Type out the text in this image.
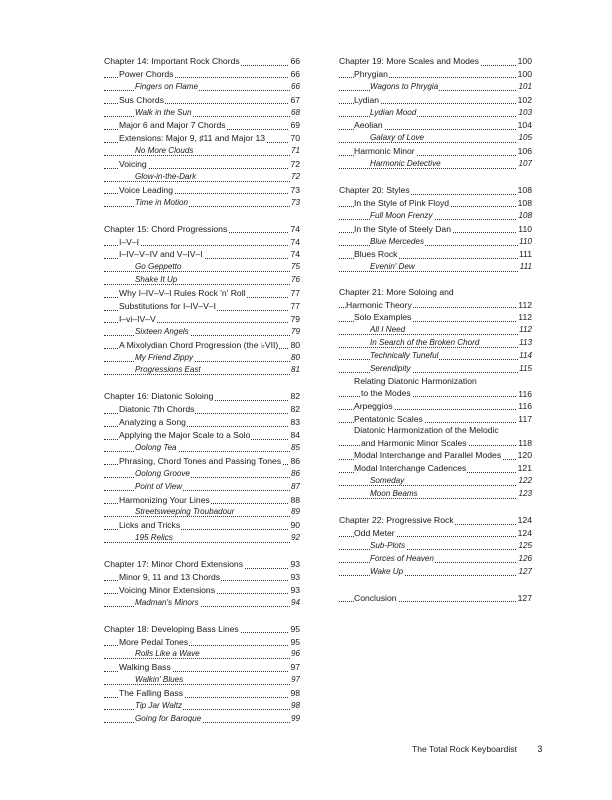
Chapter 14: Important Rock Chords	66
Power Chords	66
Fingers on Flame	66
Sus Chords	67
Walk in the Sun	68
Major 6 and Major 7 Chords	69
Extensions: Major 9, ♯11 and Major 13	70
No More Clouds	71
Voicing	72
Glow-in-the-Dark	72
Voice Leading	73
Time in Motion	73
Chapter 15: Chord Progressions	74
I–V–I	74
I–IV–V–IV and V–IV–I	74
Go Geppetto	75
Shake It Up	76
Why I–IV–V–I Rules Rock 'n' Roll	77
Substitutions for I–IV–V–I	77
I–vi–IV–V	79
Sixteen Angels	79
A Mixolydian Chord Progression (the ♭VII) 80
My Friend Zippy	80
Progressions East	81
Chapter 16: Diatonic Soloing	82
Diatonic 7th Chords	82
Analyzing a Song	83
Applying the Major Scale to a Solo	84
Oolong Tea	85
Phrasing, Chord Tones and Passing Tones 86
Oolong Groove	86
Point of View	87
Harmonizing Your Lines	88
Streetsweeping Troubadour	89
Licks and Tricks	90
195 Relics	92
Chapter 17: Minor Chord Extensions	93
Minor 9, 11 and 13 Chords	93
Voicing Minor Extensions	93
Madman's Minors	94
Chapter 18: Developing Bass Lines	95
More Pedal Tones	95
Rolls Like a Wave	96
Walking Bass	97
Walkin' Blues	97
The Falling Bass	98
Tip Jar Waltz	98
Going for Baroque	99
Chapter 19: More Scales and Modes	100
Phrygian	100
Wagons to Phrygia	101
Lydian	102
Lydian Mood	103
Aeolian	104
Galaxy of Love	105
Harmonic Minor	106
Harmonic Detective	107
Chapter 20: Styles	108
In the Style of Pink Floyd	108
Full Moon Frenzy	108
In the Style of Steely Dan	110
Blue Mercedes	110
Blues Rock	111
Evenin' Dew	111
Chapter 21: More Soloing and
Harmonic Theory	112
Solo Examples	112
All I Need	112
In Search of the Broken Chord	113
Technically Tuneful	114
Serendipity	115
Relating Diatonic Harmonization
to the Modes	116
Arpeggios	116
Pentatonic Scales	117
Diatonic Harmonization of the Melodic
and Harmonic Minor Scales	118
Modal Interchange and Parallel Modes 120
Modal Interchange Cadences	121
Someday	122
Moon Beams	123
Chapter 22: Progressive Rock	124
Odd Meter	124
Sub-Plots	125
Forces of Heaven	126
Wake Up	127
Conclusion	127
The Total Rock Keyboardist 3
